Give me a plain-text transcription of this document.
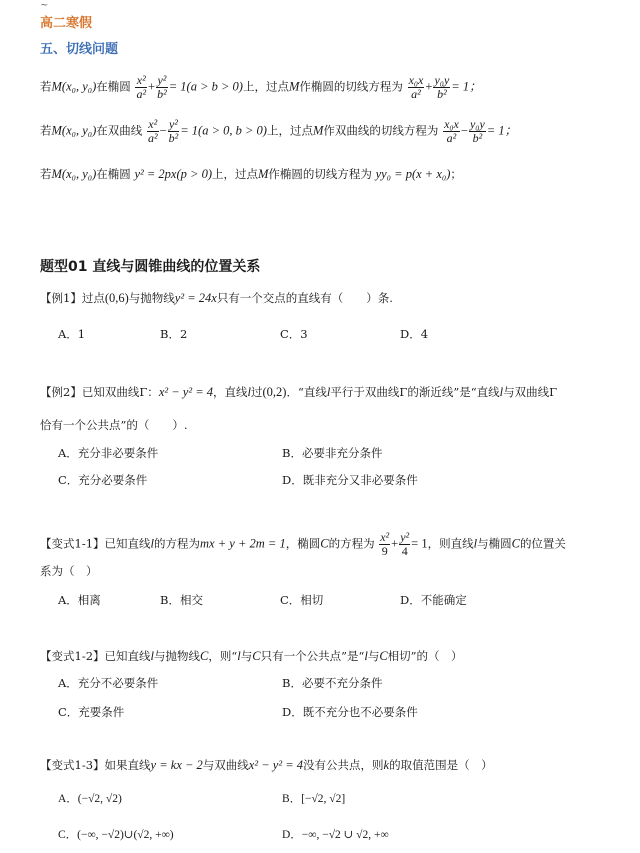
~
高二寒假
五、切线问题
若M(x₀, y₀)在椭圆 $\frac{\text{x²}}{\text{a²}} + \frac{\text{y²}}{\text{b²}} = 1(a > b > 0)$上，过点M作椭圆的切线方程为 $\frac{\text{x₀x}}{\text{a²}} + \frac{\text{y₀y}}{\text{b²}} = 1$；
若M(x₀, y₀)在双曲线 $\frac{\text{x²}}{\text{a²}} - \frac{\text{y²}}{\text{b²}} = 1(a > 0$, b > 0)上，过点M作双曲线的切线方程为 $\frac{\text{x₀x}}{\text{a²}} - \frac{\text{y₀y}}{\text{b²}} = 1$；
若M(x₀, y₀)在椭圆 y² = 2px(p > 0)上，过点M作椭圆的切线方程为 yy₀ = p(x + x₀)；
题型01 直线与圆锥曲线的位置关系
【例1】过点(0,6)与抛物线y² = 24x只有一个交点的直线有（　　）条.
A．1	B．2	C．3	D．4
【例2】已知双曲线Γ：x² − y² = 4，直线l过(0,2)．“直线l平行于双曲线Γ的渐近线”是“直线l与双曲线Γ
恰有一个公共点”的（　　）.
A．充分非必要条件	B．必要非充分条件
C．充分必要条件	D．既非充分又非必要条件
【变式1-1】已知直线l的方程为mx + y + 2m = 1，椭圆C的方程为 $\frac{\text{x²}}{9} + \frac{\text{y²}}{4} = 1$，则直线l与椭圆C的位置关
系为（　）
A．相离	B．相交	C．相切	D．不能确定
【变式1-2】已知直线l与抛物线C，则“l与C只有一个公共点”是“l与C相切”的（　）
A．充分不必要条件	B．必要不充分条件
C．充要条件	D．既不充分也不必要条件
【变式1-3】如果直线y = kx − 2与双曲线x² − y² = 4没有公共点，则k的取值范围是（　）
A．(−√2, √2)	B．[−√2, √2]
C．(−∞, −√2)∪(√2, +∞)	D．−∞, −√2 ∪ √2, +∞
